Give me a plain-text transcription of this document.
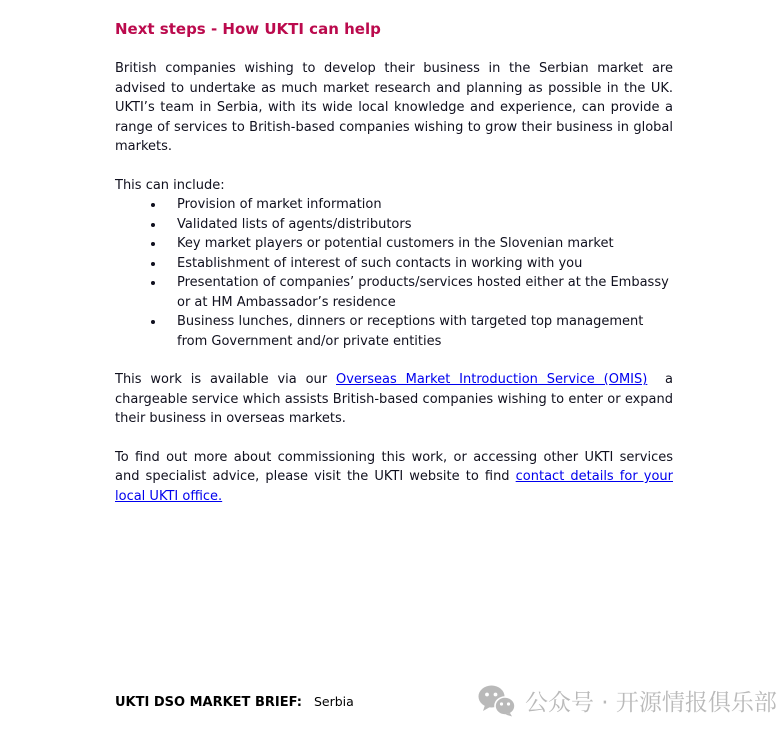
Next steps - How UKTI can help

British companies wishing to develop their business in the Serbian market are advised to undertake as much market research and planning as possible in the UK. UKTI’s team in Serbia, with its wide local knowledge and experience, can provide a range of services to British-based companies wishing to grow their business in global markets.

This can include:

• Provision of market information
• Validated lists of agents/distributors
• Key market players or potential customers in the Slovenian market
• Establishment of interest of such contacts in working with you
• Presentation of companies’ products/services hosted either at the Embassy or at HM Ambassador’s residence
• Business lunches, dinners or receptions with targeted top management from Government and/or private entities

This work is available via our Overseas Market Introduction Service (OMIS)  a chargeable service which assists British-based companies wishing to enter or expand their business in overseas markets.

To find out more about commissioning this work, or accessing other UKTI services and specialist advice, please visit the UKTI website to find contact details for your local UKTI office.

UKTI DSO MARKET BRIEF: Serbia	公众号 · 开源情报俱乐部
